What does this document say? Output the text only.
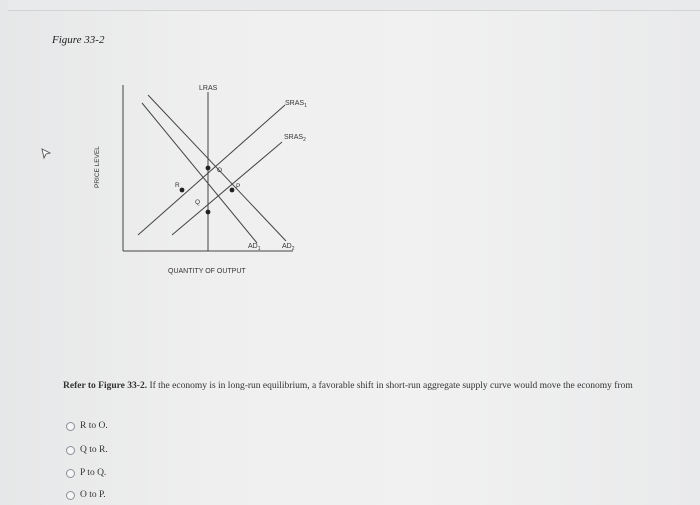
Figure 33-2
LRAS
$SRAS_1$
$SRAS_2$
$AD_1$	$AD_2$
O
R	P
Q
QUANTITY OF OUTPUT
PRICE LEVEL
Refer to Figure 33-2. If the economy is in long-run equilibrium, a favorable shift in short-run aggregate supply curve would move the economy from
R to O.
Q to R.
P to Q.
O to P.
